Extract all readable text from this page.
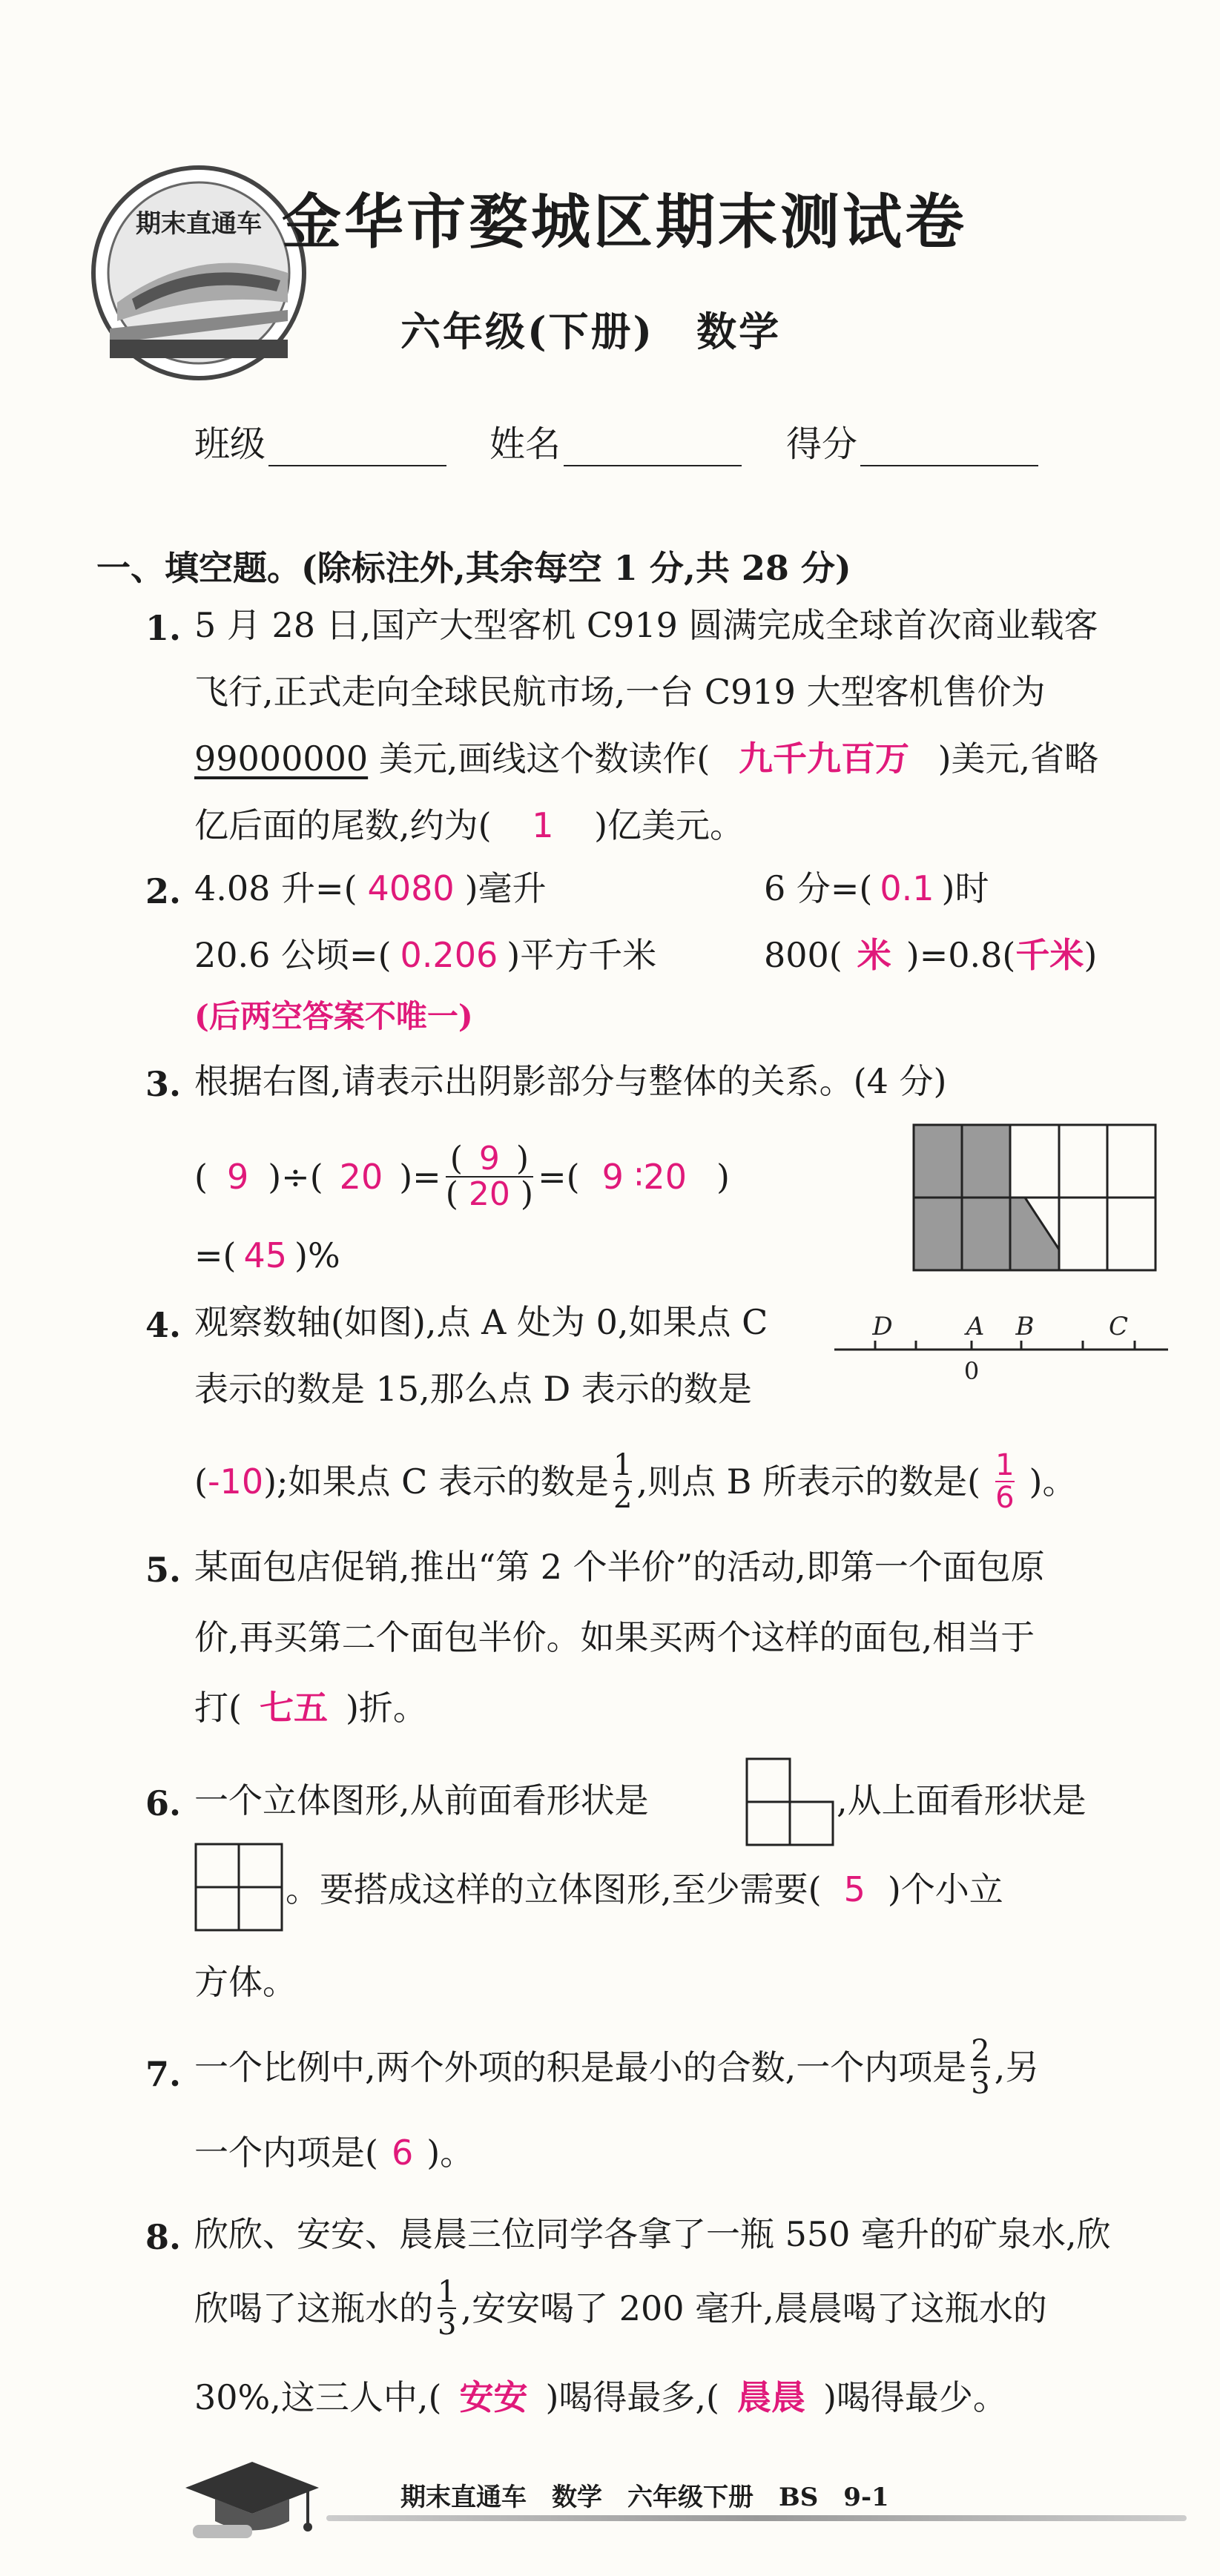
期末直通车 金华市婺城区期末测试卷
六年级(下册)　数学
班级	姓名	得分
一、填空题。(除标注外,其余每空 1 分,共 28 分)
1. 5 月 28 日,国产大型客机 C919 圆满完成全球首次商业载客
飞行,正式走向全球民航市场,一台 C919 大型客机售价为
99000000 美元,画线这个数读作( 九千九百万 )美元,省略
亿后面的尾数,约为( 1 )亿美元。
2. 4.08 升=( 4080 )毫升	6 分=( 0.1 )时
20.6 公顷=( 0.206 )平方千米	800( 米 )=0.8(千米)
(后两空答案不唯一)
3. 根据右图,请表示出阴影部分与整体的关系。(4 分)
( 9 )÷( 20 )= $\frac{( 9 )}{( 20 )}$ =( 9 ∶20 )
=( 45 )%
4. 观察数轴(如图),点 A 处为 0,如果点 C
表示的数是 15,那么点 D 表示的数是
( -10 );如果点 C 表示的数是 $\frac{1}{2}$ ,则点 B 所表示的数是( $\frac{1}{6}$ )。
D	A B	C
0
5. 某面包店促销,推出“第 2 个半价”的活动,即第一个面包原
价,再买第二个面包半价。如果买两个这样的面包,相当于
打( 七五 )折。
6. 一个立体图形,从前面看形状是	,从上面看形状是
。要搭成这样的立体图形,至少需要( 5 )个小立
方体。
7. 一个比例中,两个外项的积是最小的合数,一个内项是 $\frac{2}{3}$ ,另
一个内项是( 6 )。
8. 欣欣、安安、晨晨三位同学各拿了一瓶 550 毫升的矿泉水,欣
欣喝了这瓶水的 $\frac{1}{3}$ ,安安喝了 200 毫升,晨晨喝了这瓶水的
30%,这三人中,( 安安 )喝得最多,( 晨晨 )喝得最少。
期末直通车　数学　六年级下册　BS　9-1
